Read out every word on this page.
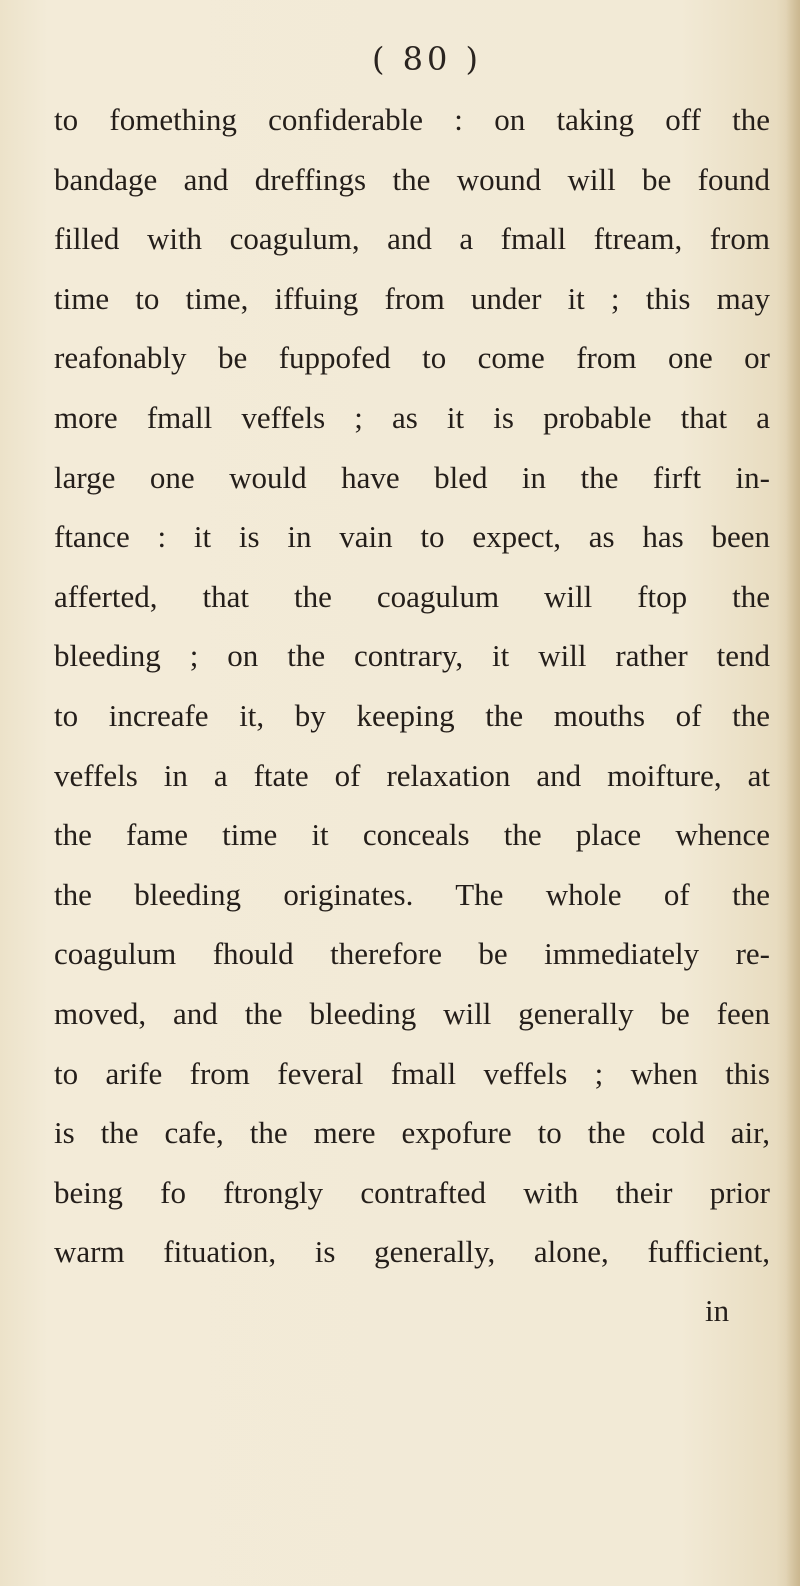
( 80 )
to fomething confiderable : on taking off the
bandage and dreffings the wound will be found
filled with coagulum, and a fmall ftream, from
time to time, iffuing from under it ; this may
reafonably be fuppofed to come from one or
more fmall veffels ; as it is probable that a
large one would have bled in the firft in-
ftance : it is in vain to expect, as has been
afferted, that the coagulum will ftop the
bleeding ; on the contrary, it will rather tend
to increafe it, by keeping the mouths of the
veffels in a ftate of relaxation and moifture, at
the fame time it conceals the place whence
the bleeding originates. The whole of the
coagulum fhould therefore be immediately re-
moved, and the bleeding will generally be feen
to arife from feveral fmall veffels ; when this
is the cafe, the mere expofure to the cold air,
being fo ftrongly contrafted with their prior
warm fituation, is generally, alone, fufficient,
in
